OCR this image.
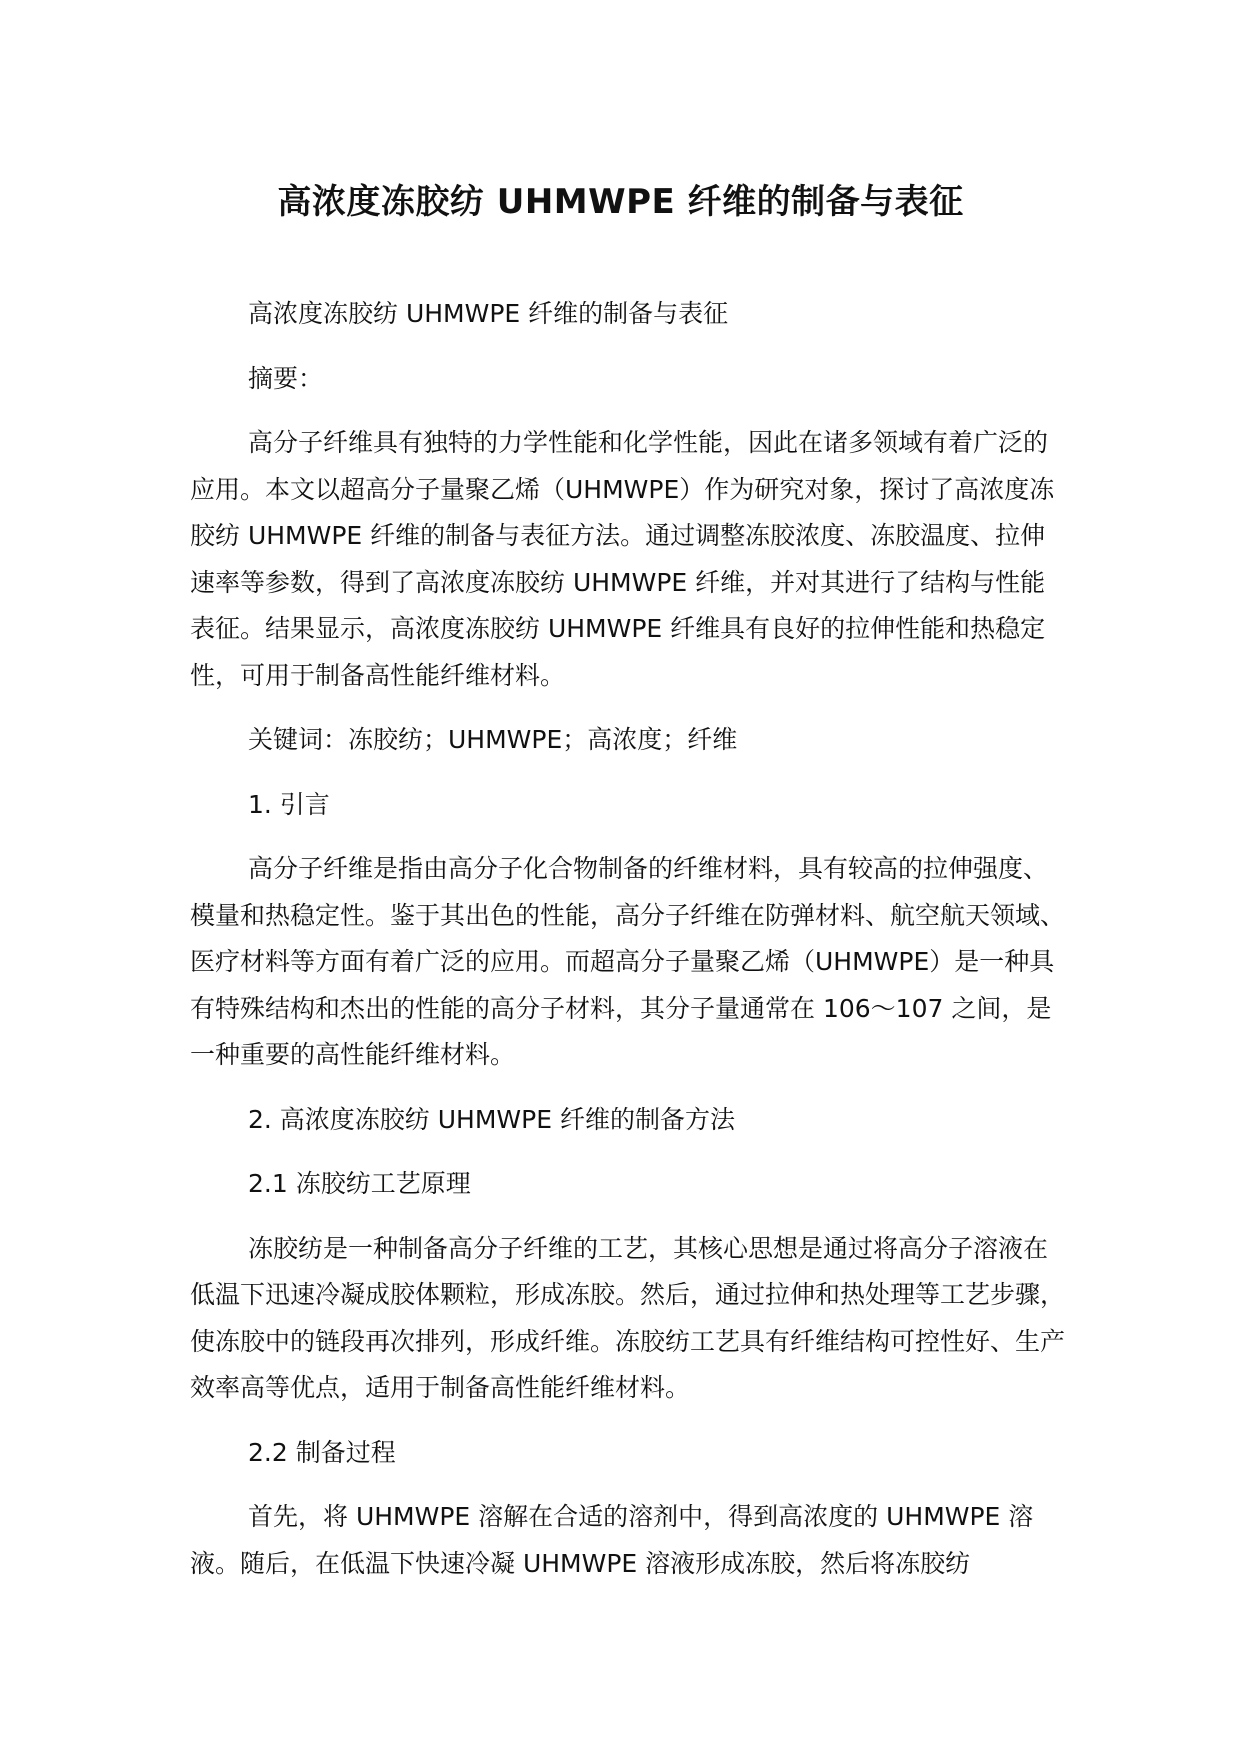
高浓度冻胶纺 UHMWPE 纤维的制备与表征

高浓度冻胶纺 UHMWPE 纤维的制备与表征

摘要：

高分子纤维具有独特的力学性能和化学性能，因此在诸多领域有着广泛的应用。本文以超高分子量聚乙烯（UHMWPE）作为研究对象，探讨了高浓度冻胶纺 UHMWPE 纤维的制备与表征方法。通过调整冻胶浓度、冻胶温度、拉伸速率等参数，得到了高浓度冻胶纺 UHMWPE 纤维，并对其进行了结构与性能表征。结果显示，高浓度冻胶纺 UHMWPE 纤维具有良好的拉伸性能和热稳定性，可用于制备高性能纤维材料。

关键词：冻胶纺；UHMWPE；高浓度；纤维

1. 引言

高分子纤维是指由高分子化合物制备的纤维材料，具有较高的拉伸强度、模量和热稳定性。鉴于其出色的性能，高分子纤维在防弹材料、航空航天领域、医疗材料等方面有着广泛的应用。而超高分子量聚乙烯（UHMWPE）是一种具有特殊结构和杰出的性能的高分子材料，其分子量通常在 106～107 之间，是一种重要的高性能纤维材料。

2. 高浓度冻胶纺 UHMWPE 纤维的制备方法

2.1 冻胶纺工艺原理

冻胶纺是一种制备高分子纤维的工艺，其核心思想是通过将高分子溶液在低温下迅速冷凝成胶体颗粒，形成冻胶。然后，通过拉伸和热处理等工艺步骤，使冻胶中的链段再次排列，形成纤维。冻胶纺工艺具有纤维结构可控性好、生产效率高等优点，适用于制备高性能纤维材料。

2.2 制备过程

首先，将 UHMWPE 溶解在合适的溶剂中，得到高浓度的 UHMWPE 溶液。随后，在低温下快速冷凝 UHMWPE 溶液形成冻胶，然后将冻胶纺
